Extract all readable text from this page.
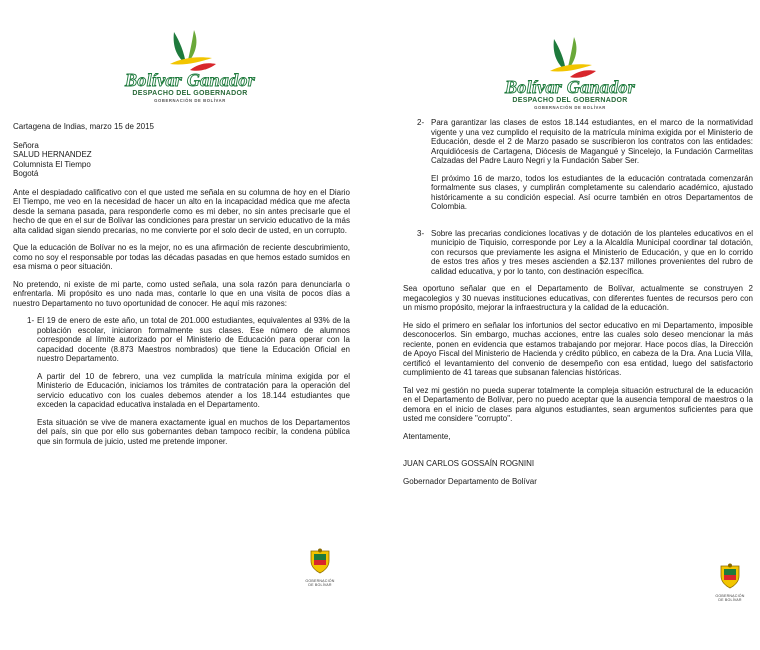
Bolívar Ganador
DESPACHO DEL GOBERNADOR
GOBERNACIÓN DE BOLÍVAR

Cartagena de Indias, marzo 15 de 2015

Señora

SALUD HERNANDEZ

Columnista El Tiempo

Bogotá

Ante el despiadado calificativo con el que usted me señala en su columna de hoy en el Diario El Tiempo, me veo en la necesidad de hacer un alto en la incapacidad médica que me afecta desde la semana pasada, para responderle como es mi deber, no sin antes precisarle que el hecho de que en el sur de Bolívar las condiciones para prestar un servicio educativo de la más alta calidad sigan siendo precarias, no me convierte por el solo decir de usted, en un corrupto.

Que la educación de Bolívar no es la mejor, no es una afirmación de reciente descubrimiento, como no soy el responsable por todas las décadas pasadas en que hemos estado sumidos en esa misma o peor situación.

No pretendo, ni existe de mi parte, como usted señala, una sola razón para denunciarla o enfrentarla. Mi propósito es uno nada mas, contarle lo que en una visita de pocos días a nuestro Departamento no tuvo oportunidad de conocer. He aquí mis razones:

1- El 19 de enero de este año, un total de 201.000 estudiantes, equivalentes al 93% de la población escolar, iniciaron formalmente sus clases. Ese número de alumnos corresponde al límite autorizado por el Ministerio de Educación para operar con la capacidad docente (8.873 Maestros nombrados) que tiene la Educación Oficial en nuestro Departamento.

A partir del 10 de febrero, una vez cumplida la matrícula mínima exigida por el Ministerio de Educación, iniciamos los trámites de contratación para la operación del servicio educativo con los cuales debemos atender a los 18.144 estudiantes que exceden la capacidad educativa instalada en el Departamento.

Esta situación se vive de manera exactamente igual en muchos de los Departamentos del país, sin que por ello sus gobernantes deban tampoco recibir, la condena pública que sin formula de juicio, usted me pretende imponer.

GOBERNACIÓN
DE BOLÍVAR
Bolívar Ganador
DESPACHO DEL GOBERNADOR
GOBERNACIÓN DE BOLÍVAR
2- Para garantizar las clases de estos 18.144 estudiantes, en el marco de la normatividad vigente y una vez cumplido el requisito de la matrícula mínima exigida por el Ministerio de Educación, desde el 2 de Marzo pasado se suscribieron los contratos con las entidades: Arquidiócesis de Cartagena, Diócesis de Magangué y Sincelejo, la Fundación Carmelitas Calzadas del Padre Lauro Negri y la Fundación Saber Ser.

El próximo 16 de marzo, todos los estudiantes de la educación contratada comenzarán formalmente sus clases, y cumplirán completamente su calendario académico, ajustado históricamente a su condición especial. Así ocurre también en otros Departamentos de Colombia.

3- Sobre las precarias condiciones locativas y de dotación de los planteles educativos en el municipio de Tiquisio, corresponde por Ley a la Alcaldía Municipal coordinar tal dotación, con recursos que previamente les asigna el Ministerio de Educación, y que en lo corrido de estos tres años y tres meses ascienden a $2.137 millones provenientes del rubro de calidad educativa, y por lo tanto, con destinación específica.

Sea oportuno señalar que en el Departamento de Bolívar, actualmente se construyen 2 megacolegios y 30 nuevas instituciones educativas, con diferentes fuentes de recursos pero con un mismo propósito, mejorar la infraestructura y la calidad de la educación.

He sido el primero en señalar los infortunios del sector educativo en mi Departamento, imposible desconocerlos. Sin embargo, muchas acciones, entre las cuales solo deseo mencionar la más reciente, ponen en evidencia que estamos trabajando por mejorar. Hace pocos días, la Dirección de Apoyo Fiscal del Ministerio de Hacienda y crédito público, en cabeza de la Dra. Ana Lucia Villa, certificó el levantamiento del convenio de desempeño con esa entidad, luego del satisfactorio cumplimiento de 41 tareas que subsanan falencias históricas.

Tal vez mi gestión no pueda superar totalmente la compleja situación estructural de la educación en el Departamento de Bolívar, pero no puedo aceptar que la ausencia temporal de maestros o la demora en el inicio de clases para algunos estudiantes, sean argumentos suficientes para que usted me considere "corrupto".

Atentamente,

JUAN CARLOS GOSSAÍN ROGNINI

Gobernador Departamento de Bolívar

GOBERNACIÓN
DE BOLÍVAR
